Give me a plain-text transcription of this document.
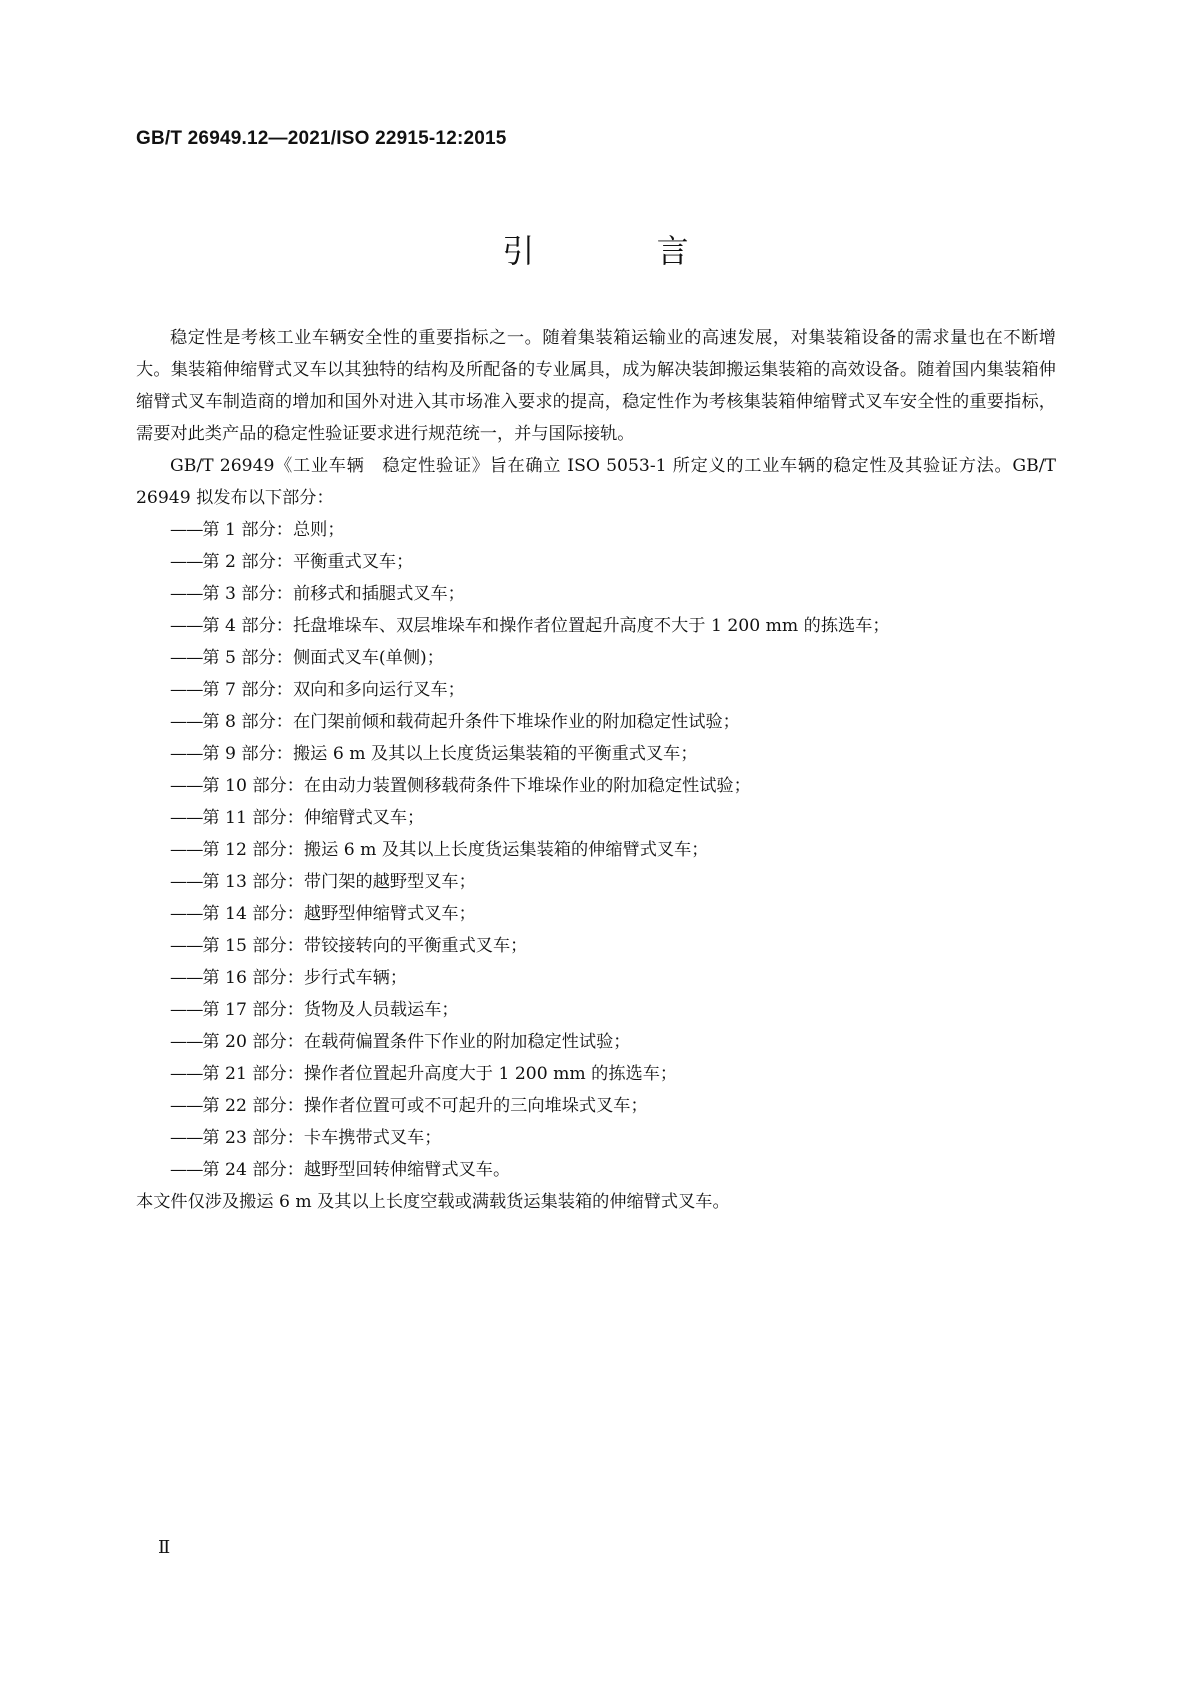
GB/T 26949.12—2021/ISO 22915-12:2015
引 言

稳定性是考核工业车辆安全性的重要指标之一。随着集装箱运输业的高速发展，对集装箱设备的需求量也在不断增大。集装箱伸缩臂式叉车以其独特的结构及所配备的专业属具，成为解决装卸搬运集装箱的高效设备。随着国内集装箱伸缩臂式叉车制造商的增加和国外对进入其市场准入要求的提高，稳定性作为考核集装箱伸缩臂式叉车安全性的重要指标，需要对此类产品的稳定性验证要求进行规范统一，并与国际接轨。

GB/T 26949《工业车辆　稳定性验证》旨在确立 ISO 5053-1 所定义的工业车辆的稳定性及其验证方法。GB/T 26949 拟发布以下部分：

——第 1 部分：总则；
——第 2 部分：平衡重式叉车；
——第 3 部分：前移式和插腿式叉车；
——第 4 部分：托盘堆垛车、双层堆垛车和操作者位置起升高度不大于 1 200 mm 的拣选车；
——第 5 部分：侧面式叉车(单侧)；
——第 7 部分：双向和多向运行叉车；
——第 8 部分：在门架前倾和载荷起升条件下堆垛作业的附加稳定性试验；
——第 9 部分：搬运 6 m 及其以上长度货运集装箱的平衡重式叉车；
——第 10 部分：在由动力装置侧移载荷条件下堆垛作业的附加稳定性试验；
——第 11 部分：伸缩臂式叉车；
——第 12 部分：搬运 6 m 及其以上长度货运集装箱的伸缩臂式叉车；
——第 13 部分：带门架的越野型叉车；
——第 14 部分：越野型伸缩臂式叉车；
——第 15 部分：带铰接转向的平衡重式叉车；
——第 16 部分：步行式车辆；
——第 17 部分：货物及人员载运车；
——第 20 部分：在载荷偏置条件下作业的附加稳定性试验；
——第 21 部分：操作者位置起升高度大于 1 200 mm 的拣选车；
——第 22 部分：操作者位置可或不可起升的三向堆垛式叉车；
——第 23 部分：卡车携带式叉车；
——第 24 部分：越野型回转伸缩臂式叉车。

本文件仅涉及搬运 6 m 及其以上长度空载或满载货运集装箱的伸缩臂式叉车。

Ⅱ
